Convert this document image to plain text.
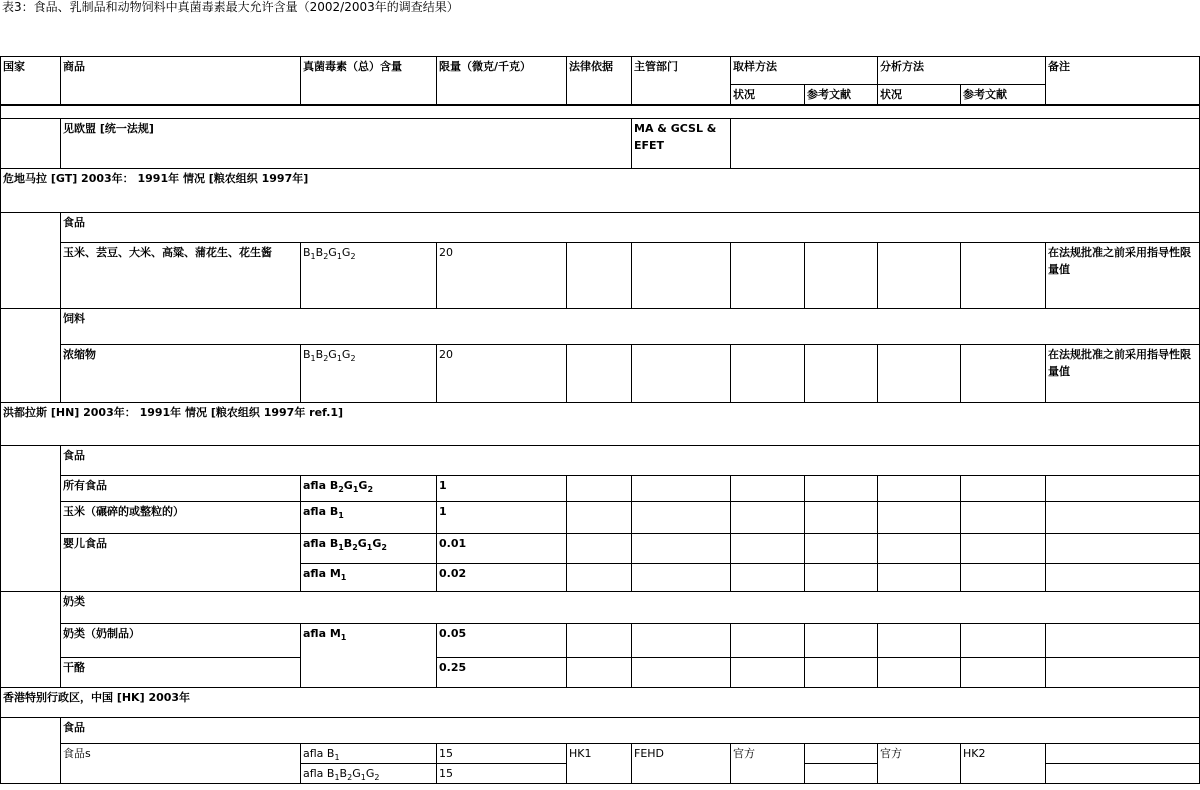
表3：食品、乳制品和动物饲料中真菌毒素最大允许含量（2002/2003年的调查结果）
国家	商品	真菌毒素（总）含量	限量（微克/千克）	法律依据	主管部门	取样方法		分析方法		备注
						状况	参考文献	状况	参考文献	

	见欧盟 [统一法规]				MA & GCSL & EFET					
危地马拉 [GT] 2003年： 1991年 情况 [粮农组织 1997年]										
	食品									
	玉米、芸豆、大米、高粱、蒲花生、花生酱	$B_1B_2G_1G_2$	20							在法规批准之前采用指导性限量值
	饲料									
	浓缩物	$B_1B_2G_1G_2$	20							在法规批准之前采用指导性限量值
洪都拉斯 [HN] 2003年： 1991年 情况 [粮农组织 1997年 ref.1]										
	食品									
	所有食品	afla $B_2G_1G_2$	1							
	玉米（碾碎的或整粒的）	afla $B_1$	1							
	婴儿食品	afla $B_1B_2G_1G_2$	0.01							
		afla $M_1$	0.02							
	奶类									
	奶类（奶制品）	afla $M_1$	0.05							
	干酪		0.25							
香港特别行政区，中国 [HK] 2003年										
	食品									
	食品s	afla $B_1$	15	HK1	FEHD	官方		官方	HK2	
		afla $B_1B_2G_1G_2$	15							
